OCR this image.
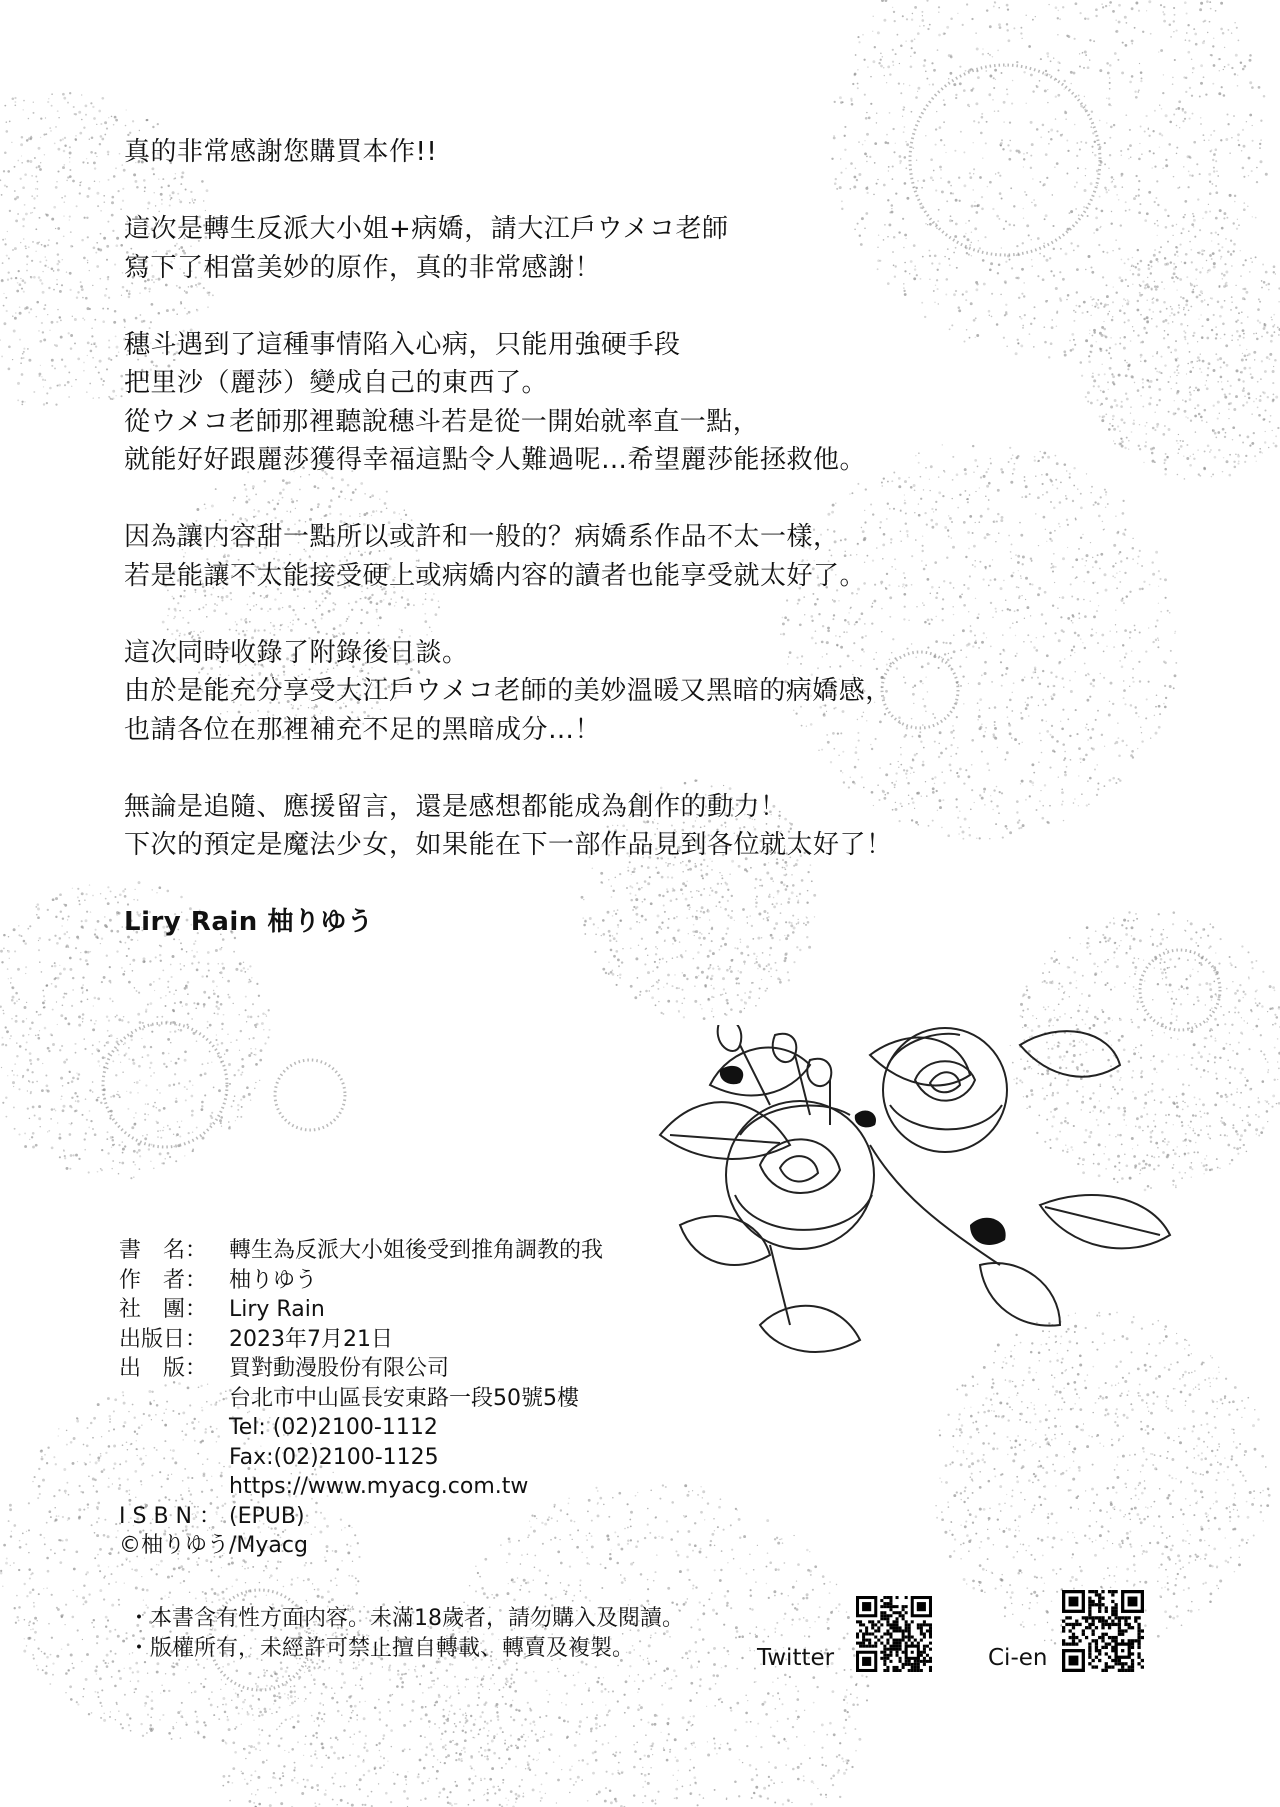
真的非常感謝您購買本作!!

這次是轉生反派大小姐+病嬌，請大江戶ウメコ老師
寫下了相當美妙的原作，真的非常感謝！

穗斗遇到了這種事情陷入心病，只能用強硬手段
把里沙（麗莎）變成自己的東西了。
從ウメコ老師那裡聽說穗斗若是從一開始就率直一點，
就能好好跟麗莎獲得幸福這點令人難過呢…希望麗莎能拯救他。

因為讓内容甜一點所以或許和一般的？病嬌系作品不太一樣，
若是能讓不太能接受硬上或病嬌内容的讀者也能享受就太好了。

這次同時收錄了附錄後日談。
由於是能充分享受大江戶ウメコ老師的美妙溫暖又黑暗的病嬌感，
也請各位在那裡補充不足的黑暗成分…！

無論是追隨、應援留言，還是感想都能成為創作的動力！
下次的預定是魔法少女，如果能在下一部作品見到各位就太好了！

Liry Rain 柚りゆう

書　名： 轉生為反派大小姐後受到推角調教的我
作　者： 柚りゆう
社　團： Liry Rain
出版日： 2023年7月21日
出　版： 買對動漫股份有限公司
台北市中山區長安東路一段50號5樓
Tel: (02)2100-1112
Fax:(02)2100-1125
https://www.myacg.com.tw
I S B N ： (EPUB)
©柚りゆう/Myacg
・本書含有性方面内容。未滿18歲者，請勿購入及閱讀。
・版權所有，未經許可禁止擅自轉載、轉賣及複製。	Twitter	Ci-en
